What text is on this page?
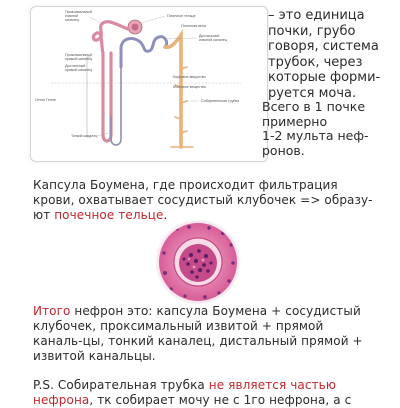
Проксимальный
извитой
каналец
Почечное тельце
Почечная вена
Дистальный
извитой каналец
Проксимальный
прямой каналец
Дистальный
прямой каналец
Корковое вещество
Мозговое вещество
Собирательная трубка
Петля Генле
Тонкий каналец
– это единица
почки, грубо
говоря, система
трубок, через
которые форми-
руется моча.
Всего в 1 почке
примерно
1-2 мульта неф-
ронов.
Капсула Боумена, где происходит фильтрация крови, охватывает сосудистый клубочек => образу-ют почечное тельце.
Итого нефрон это: капсула Боумена + сосудистый клубочек, проксимальный извитой + прямой каналь-цы, тонкий каналец, дистальный прямой + извитой канальцы.
P.S. Собирательная трубка не является частью нефрона, тк собирает мочу не с 1го нефрона, а с
